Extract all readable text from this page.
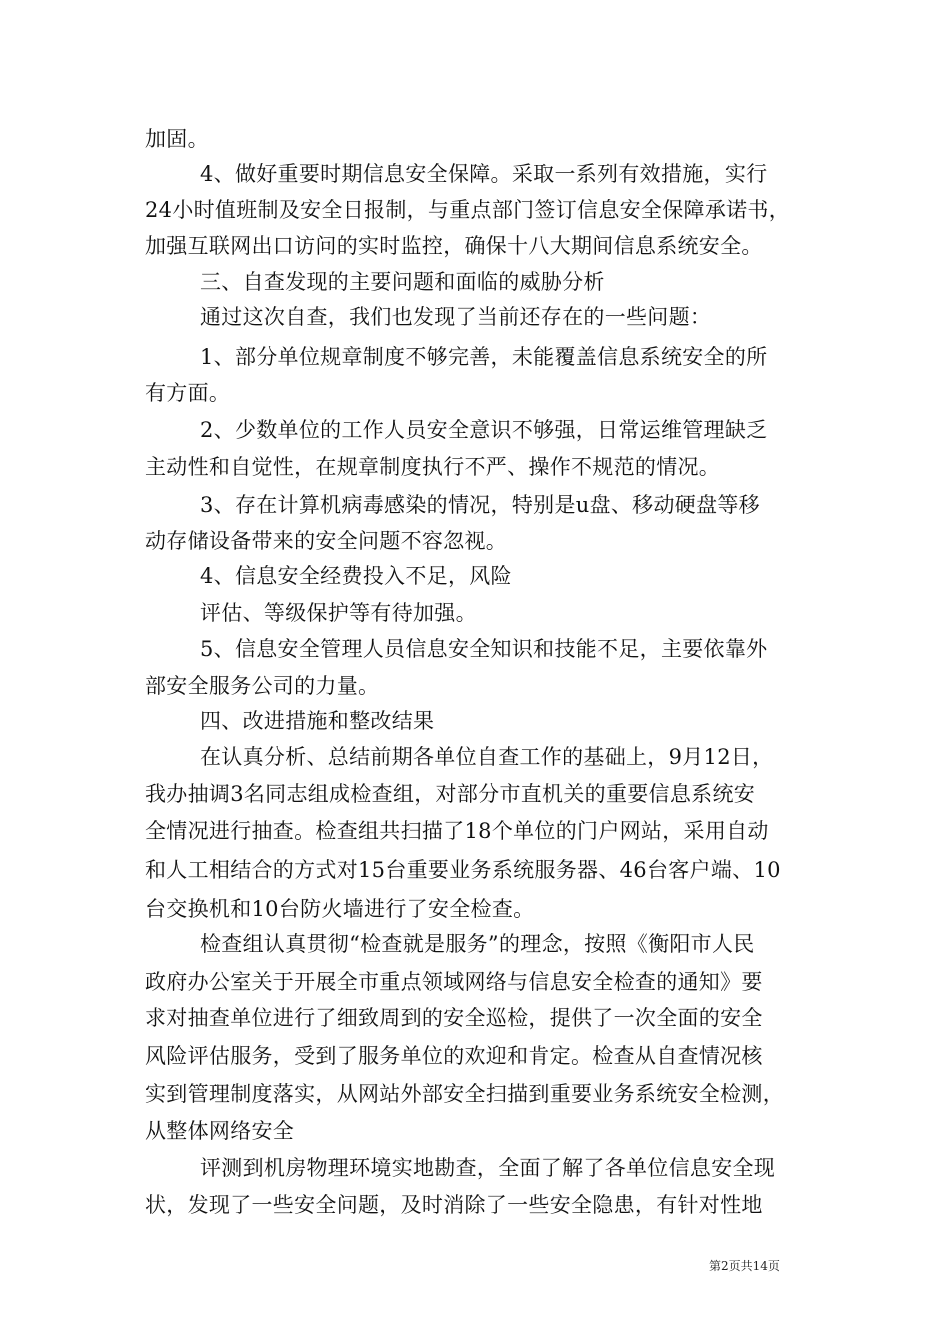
加固。
4、做好重要时期信息安全保障。采取一系列有效措施，实行
24小时值班制及安全日报制，与重点部门签订信息安全保障承诺书，
加强互联网出口访问的实时监控，确保十八大期间信息系统安全。
三、自查发现的主要问题和面临的威胁分析
通过这次自查，我们也发现了当前还存在的一些问题：
1、部分单位规章制度不够完善，未能覆盖信息系统安全的所
有方面。
2、少数单位的工作人员安全意识不够强，日常运维管理缺乏
主动性和自觉性，在规章制度执行不严、操作不规范的情况。
3、存在计算机病毒感染的情况，特别是u盘、移动硬盘等移
动存储设备带来的安全问题不容忽视。
4、信息安全经费投入不足，风险
评估、等级保护等有待加强。
5、信息安全管理人员信息安全知识和技能不足，主要依靠外
部安全服务公司的力量。
四、改进措施和整改结果
在认真分析、总结前期各单位自查工作的基础上，9月12日，
我办抽调3名同志组成检查组，对部分市直机关的重要信息系统安
全情况进行抽查。检查组共扫描了18个单位的门户网站，采用自动
和人工相结合的方式对15台重要业务系统服务器、46台客户端、10
台交换机和10台防火墙进行了安全检查。
检查组认真贯彻“检查就是服务”的理念，按照《衡阳市人民
政府办公室关于开展全市重点领域网络与信息安全检查的通知》要
求对抽查单位进行了细致周到的安全巡检，提供了一次全面的安全
风险评估服务，受到了服务单位的欢迎和肯定。检查从自查情况核
实到管理制度落实，从网站外部安全扫描到重要业务系统安全检测，
从整体网络安全
评测到机房物理环境实地勘查，全面了解了各单位信息安全现
状，发现了一些安全问题，及时消除了一些安全隐患，有针对性地
第2页共14页
